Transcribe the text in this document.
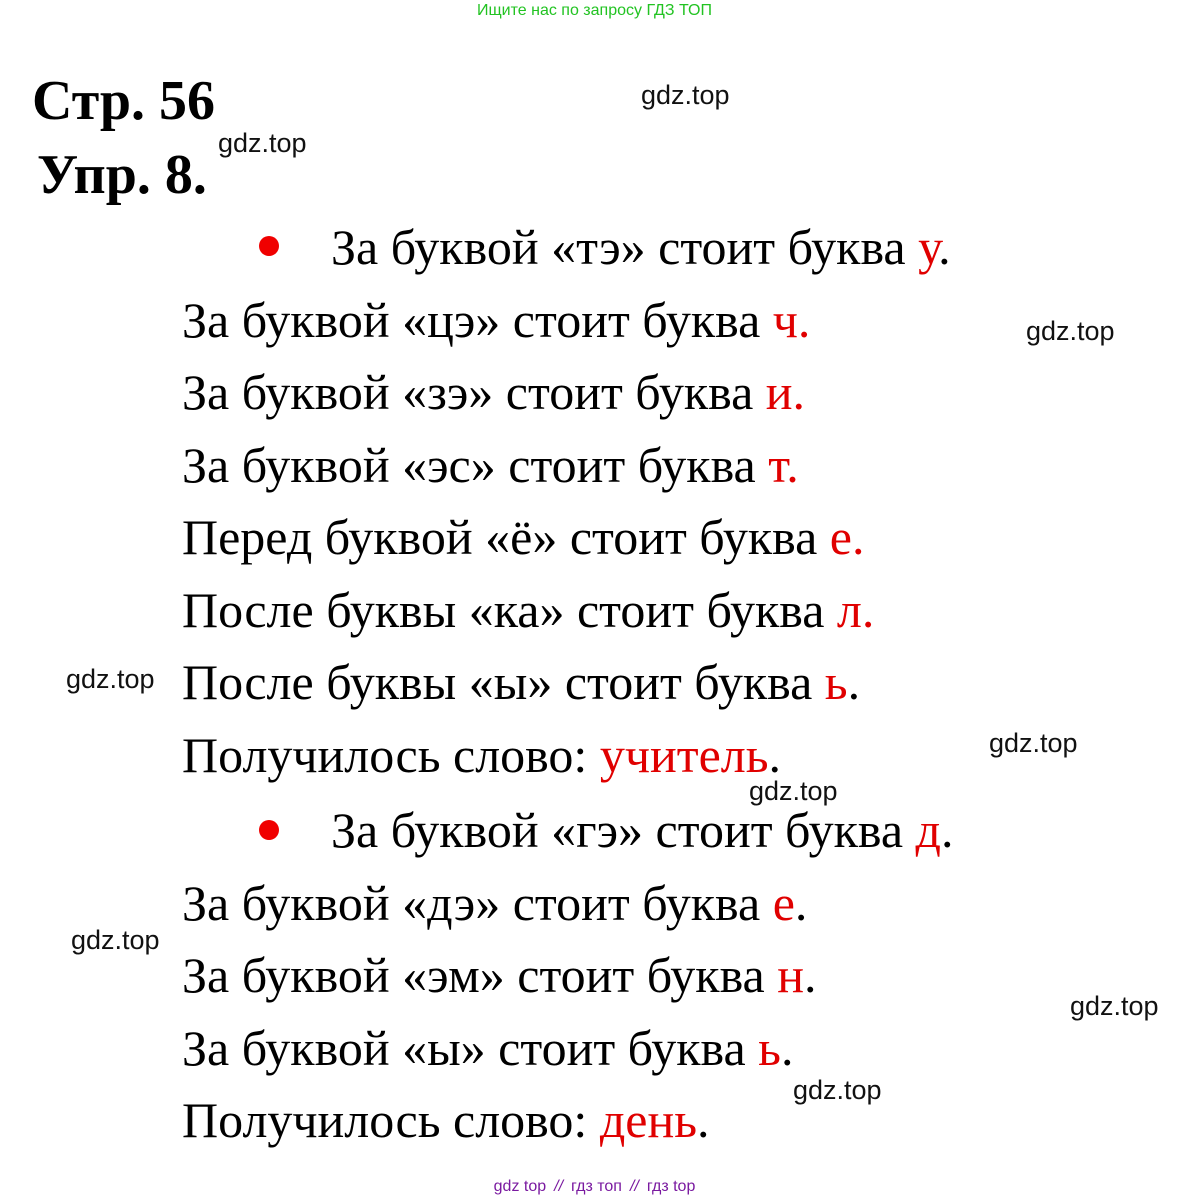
Ищите нас по запросу ГДЗ ТОП
Стр. 56
Упр. 8.
gdz.top
gdz.top
gdz.top
gdz.top
gdz.top
gdz.top
gdz.top
gdz.top
gdz.top
За буквой «тэ» стоит буква у.
За буквой «цэ» стоит буква ч.
За буквой «зэ» стоит буква и.
За буквой «эс» стоит буква т.
Перед буквой «ё» стоит буква е.
После буквы «ка» стоит буква л.
После буквы «ы» стоит буква ь.
Получилось слово: учитель.
За буквой «гэ» стоит буква д.
За буквой «дэ» стоит буква е.
За буквой «эм» стоит буква н.
За буквой «ы» стоит буква ь.
Получилось слово: день.
gdz top // гдз топ // гдз top
